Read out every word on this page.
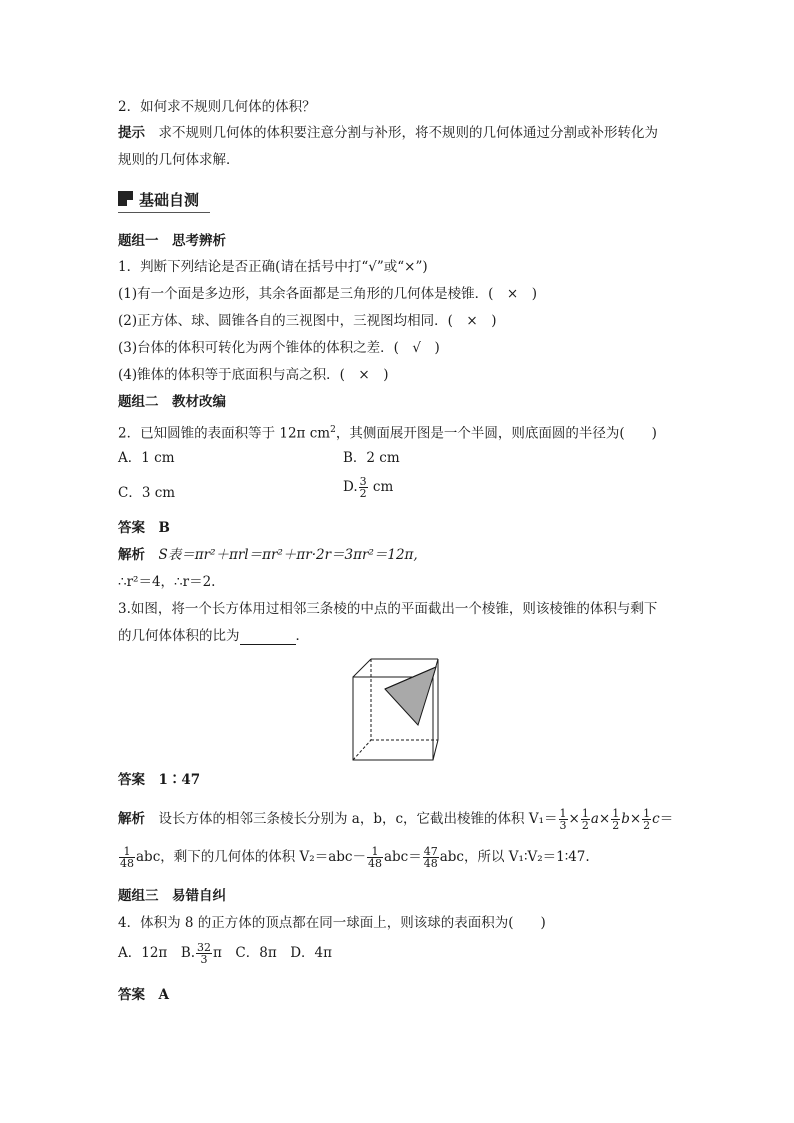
2．如何求不规则几何体的体积？
提示　 求不规则几何体的体积要注意分割与补形，将不规则的几何体通过分割或补形转化为
规则的几何体求解．
基础自测
题组一　思考辨析
1．判断下列结论是否正确(请在括号中打“√”或“×”)
(1)有一个面是多边形，其余各面都是三角形的几何体是棱锥．(　×　)
(2)正方体、球、圆锥各自的三视图中，三视图均相同．(　×　)
(3)台体的体积可转化为两个锥体的体积之差．(　√　)
(4)锥体的体积等于底面积与高之积．(　×　)
题组二　教材改编
2．已知圆锥的表面积等于 12π $cm^2$，其侧面展开图是一个半圆，则底面圆的半径为(　　)
A．1 cm	B．2 cm
C．3 cm	D. $\frac{3}{2}$ cm
答案　B
解析　 S表＝πr²＋πrl＝πr²＋πr·2r＝3πr²＝12π,
∴r²＝4，∴r＝2.
3.如图，将一个长方体用过相邻三条棱的中点的平面截出一个棱锥，则该棱锥的体积与剩下
的几何体体积的比为	．
答案　1∶47
解析　 设长方体的相邻三条棱长分别为 a，b，c，它截出棱锥的体积 $V_1= \frac{1}{3} \times \frac{1}{2} a\times \frac{1}{2} b\times \frac{1}{2} c=$
$\frac{1}{48}$ abc，剩下的几何体的体积 $V_2=abc- \frac{1}{48} abc= \frac{47}{48}$ abc，所以 V₁∶V₂＝1∶47.
题组三　易错自纠
4．体积为 8 的正方体的顶点都在同一球面上，则该球的表面积为(　　)
A．12π　 B. $\frac{32}{3}$ π　 C．8π　 D．4π
答案　A
